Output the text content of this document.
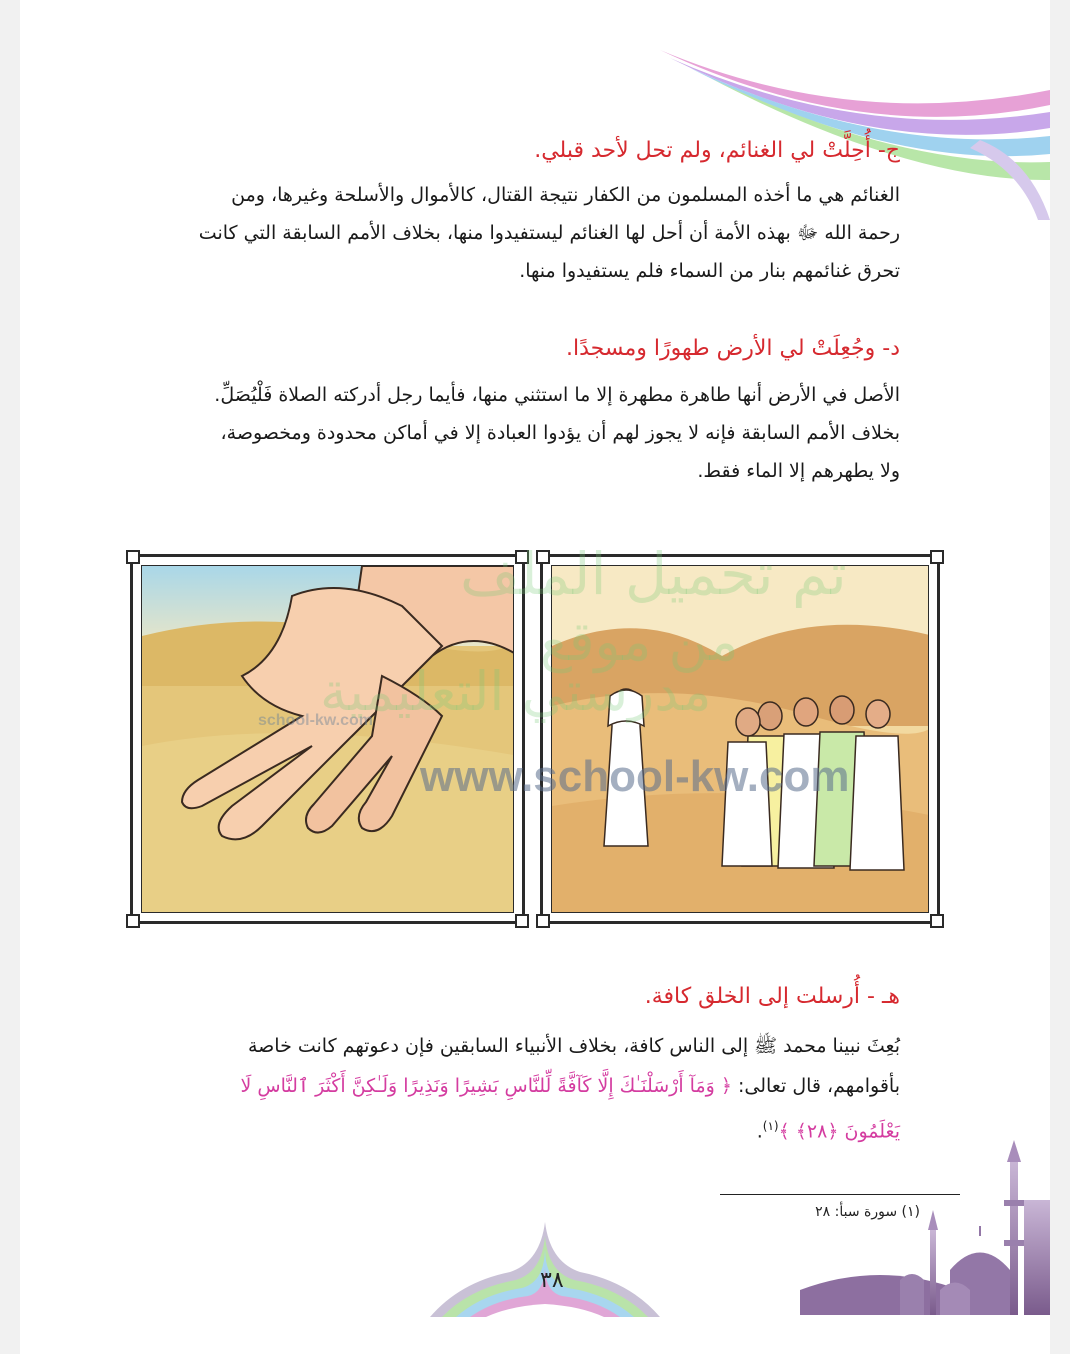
ج- أُحِلَّتْ لي الغنائم، ولم تحل لأحد قبلي.
الغنائم هي ما أخذه المسلمون من الكفار نتيجة القتال، كالأموال والأسلحة وغيرها، ومن
رحمة الله ﷻ بهذه الأمة أن أحل لها الغنائم ليستفيدوا منها، بخلاف الأمم السابقة التي كانت
تحرق غنائمهم بنار من السماء فلم يستفيدوا منها.
د- وجُعِلَتْ لي الأرض طهورًا ومسجدًا.
الأصل في الأرض أنها طاهرة مطهرة إلا ما استثني منها، فأيما رجل أدركته الصلاة فَلْيُصَلِّ.
بخلاف الأمم السابقة فإنه لا يجوز لهم أن يؤدوا العبادة إلا في أماكن محدودة ومخصوصة،
ولا يطهرهم إلا الماء فقط.
تم تحميل الملف
من موقع
مدرستي التعليمية
school-kw.com
www.school-kw.com
هـ - أُرسلت إلى الخلق كافة.
بُعِثَ نبينا محمد ﷺ إلى الناس كافة، بخلاف الأنبياء السابقين فإن دعوتهم كانت خاصة
بأقوامهم، قال تعالى: ﴿ وَمَآ أَرْسَلْنَـٰكَ إِلَّا كَآفَّةً لِّلنَّاسِ بَشِيرًا وَنَذِيرًا وَلَـٰكِنَّ أَكْثَرَ ٱلنَّاسِ لَا
يَعْلَمُونَ ﴿٢٨﴾ ﴾$^{(١)}$.
(١) سورة سبأ: ٢٨
٣٨
